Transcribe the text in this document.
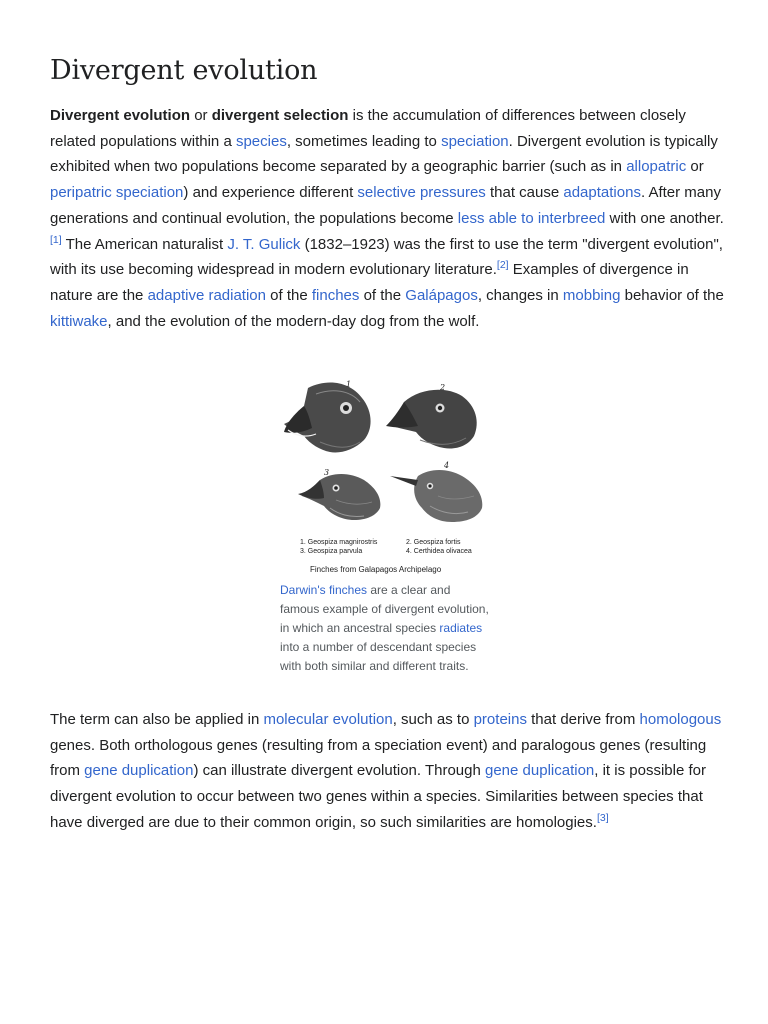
Divergent evolution

Divergent evolution or divergent selection is the accumulation of differences between closely related populations within a species, sometimes leading to speciation. Divergent evolution is typically exhibited when two populations become separated by a geographic barrier (such as in allopatric or peripatric speciation) and experience different selective pressures that cause adaptations. After many generations and continual evolution, the populations become less able to interbreed with one another.[1] The American naturalist J. T. Gulick (1832–1923) was the first to use the term "divergent evolution", with its use becoming widespread in modern evolutionary literature.[2] Examples of divergence in nature are the adaptive radiation of the finches of the Galápagos, changes in mobbing behavior of the kittiwake, and the evolution of the modern-day dog from the wolf.

1	2
3
4
1. Geospiza magnirostris	2. Geospiza fortis
3. Geospiza parvula	4. Certhidea olivacea
Finches from Galapagos Archipelago
Darwin's finches are a clear and famous example of divergent evolution, in which an ancestral species radiates into a number of descendant species with both similar and different traits.

The term can also be applied in molecular evolution, such as to proteins that derive from homologous genes. Both orthologous genes (resulting from a speciation event) and paralogous genes (resulting from gene duplication) can illustrate divergent evolution. Through gene duplication, it is possible for divergent evolution to occur between two genes within a species. Similarities between species that have diverged are due to their common origin, so such similarities are homologies.[3]
